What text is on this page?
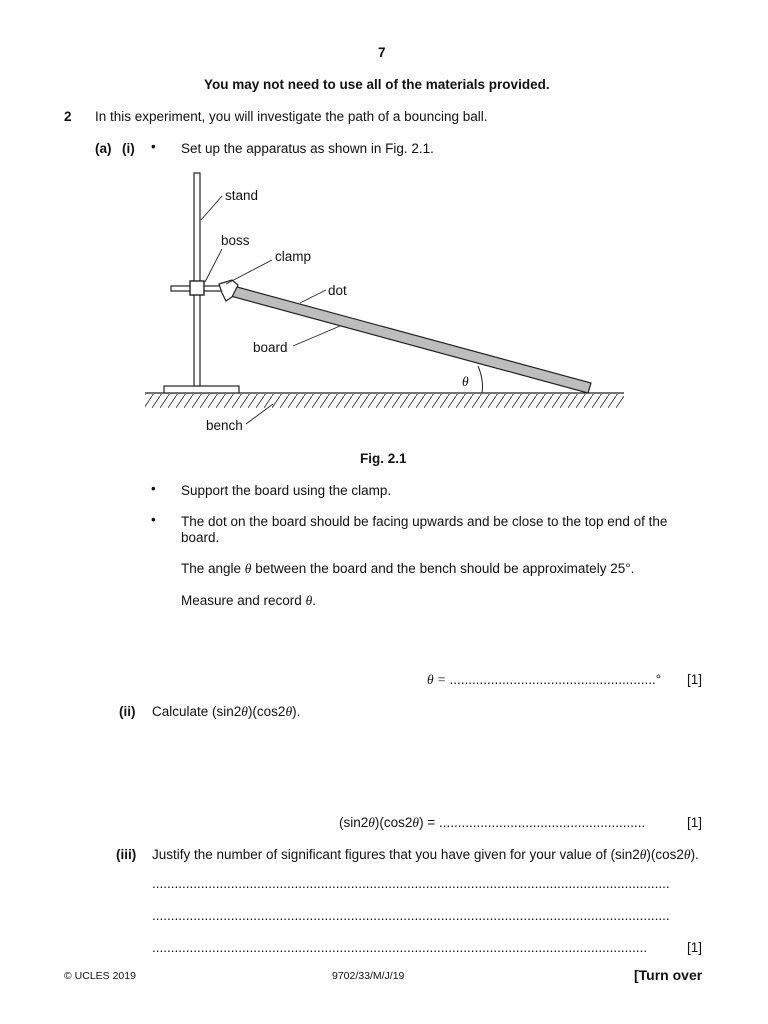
7
You may not need to use all of the materials provided.
2 In this experiment, you will investigate the path of a bouncing ball.
(a) (i) • Set up the apparatus as shown in Fig. 2.1.
stand
boss
clamp
dot
board
θ
bench
Fig. 2.1
• Support the board using the clamp.
• The dot on the board should be facing upwards and be close to the top end of the board.
The angle θ between the board and the bench should be approximately 25°.
Measure and record θ.
θ = .......................................................° [1]
(ii) Calculate (sin2θ)(cos2θ).
(sin2θ)(cos2θ) = .......................................................	[1]
(iii) Justify the number of significant figures that you have given for your value of (sin2θ)(cos2θ).
..........................................................................................................................................
..........................................................................................................................................
....................................................................................................................................	[1]
© UCLES 2019	9702/33/M/J/19	[Turn over
